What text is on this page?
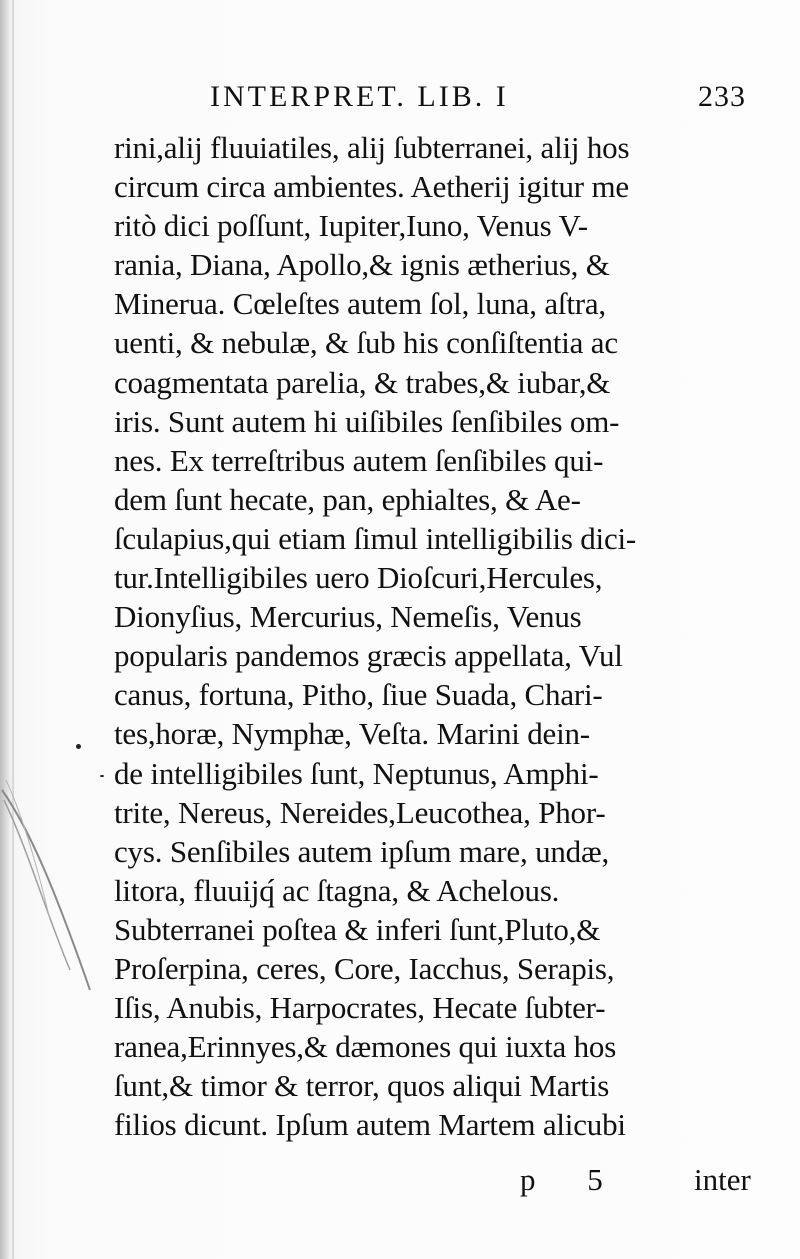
INTERPRET. LIB. I	233
rini,alij fluuiatiles, alij ſubterranei, alij hos
circum circa ambientes. Aetherij igitur me
ritò dici poſſunt, Iupiter,Iuno, Venus V-
rania, Diana, Apollo,& ignis ætherius, &
Minerua. Cœleſtes autem ſol, luna, aſtra,
uenti, & nebulæ, & ſub his conſiſtentia ac
coagmentata parelia, & trabes,& iubar,&
iris. Sunt autem hi uiſibiles ſenſibiles om-
nes. Ex terreſtribus autem ſenſibiles qui-
dem ſunt hecate, pan, ephialtes, & Ae-
ſculapius,qui etiam ſimul intelligibilis dici-
tur.Intelligibiles uero Dioſcuri,Hercules,
Dionyſius, Mercurius, Nemeſis, Venus
popularis pandemos græcis appellata, Vul
canus, fortuna, Pitho, ſiue Suada, Chari-
tes,horæ, Nymphæ, Veſta. Marini dein-
de intelligibiles ſunt, Neptunus, Amphi-
trite, Nereus, Nereides,Leucothea, Phor-
cys. Senſibiles autem ipſum mare, undæ,
litora, fluuijq́ ac ſtagna, & Achelous.
Subterranei poſtea & inferi ſunt,Pluto,&
Proſerpina, ceres, Core, Iacchus, Serapis,
Iſis, Anubis, Harpocrates, Hecate ſubter-
ranea,Erinnyes,& dæmones qui iuxta hos
ſunt,& timor & terror, quos aliqui Martis
filios dicunt. Ipſum autem Martem alicubi
p 5 inter
